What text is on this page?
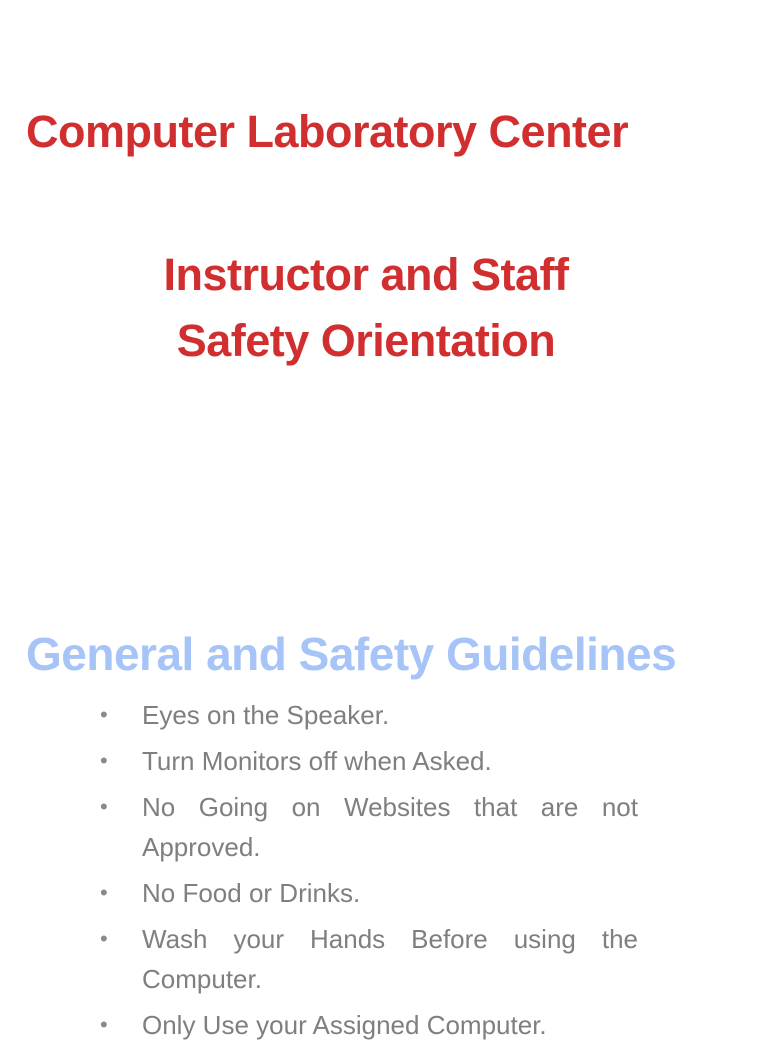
Computer Laboratory Center
Instructor and Staff
Safety Orientation
General and Safety Guidelines
• Eyes on the Speaker.
• Turn Monitors off when Asked.
• No Going on Websites that are not Approved.
• No Food or Drinks.
• Wash your Hands Before using the Computer.
• Only Use your Assigned Computer.
